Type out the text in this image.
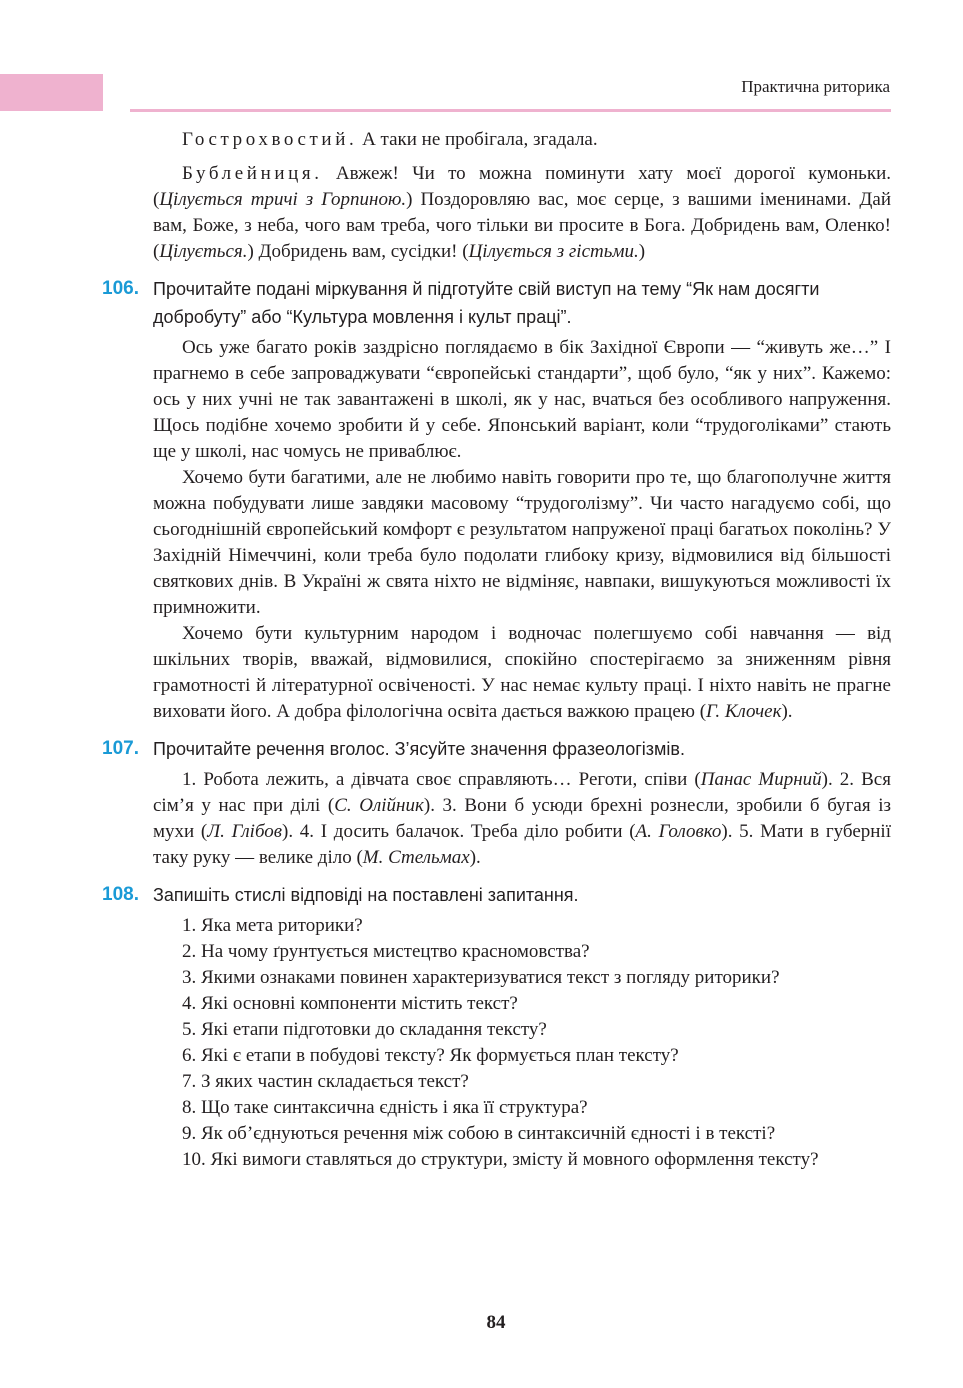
Практична риторика

Гострохвостий. А таки не пробігала, згадала.

Бублейниця. Авжеж! Чи то можна поминути хату моєї дорогої кумоньки. (Цілується тричі з Горпиною.) Поздоровляю вас, моє серце, з вашими іменинами. Дай вам, Боже, з неба, чого вам треба, чого тільки ви просите в Бога. Добридень вам, Оленко! (Цілується.) Добридень вам, сусідки! (Цілується з гістьми.)

106. Прочитайте подані міркування й підготуйте свій виступ на тему “Як нам досягти добробуту” або “Культура мовлення і культ праці”.

Ось уже багато років заздрісно поглядаємо в бік Західної Європи — “живуть же…” І прагнемо в себе запроваджувати “європейські стандарти”, щоб було, “як у них”. Кажемо: ось у них учні не так завантажені в школі, як у нас, вчаться без особливого напруження. Щось подібне хочемо зробити й у себе. Японський варіант, коли “трудоголіками” стають ще у школі, нас чомусь не приваблює.

Хочемо бути багатими, але не любимо навіть говорити про те, що благополучне життя можна побудувати лише завдяки масовому “трудоголізму”. Чи часто нагадуємо собі, що сьогоднішній європейський комфорт є результатом напруженої праці багатьох поколінь? У Західній Німеччині, коли треба було подолати глибоку кризу, відмовилися від більшості святкових днів. В Україні ж свята ніхто не відміняє, навпаки, вишукуються можливості їх примножити.

Хочемо бути культурним народом і водночас полегшуємо собі навчання — від шкільних творів, вважай, відмовилися, спокійно спостерігаємо за зниженням рівня грамотності й літературної освіченості. У нас немає культу праці. І ніхто навіть не прагне виховати його. А добра філологічна освіта дається важкою працею (Г. Клочек).

107. Прочитайте речення вголос. З’ясуйте значення фразеологізмів.

1. Робота лежить, а дівчата своє справляють… Реготи, співи (Панас Мирний). 2. Вся сім’я у нас при ділі (С. Олійник). 3. Вони б усюди брехні рознесли, зробили б бугая із мухи (Л. Глібов). 4. І досить балачок. Треба діло робити (А. Головко). 5. Мати в губернії таку руку — велике діло (М. Стельмах).

108. Запишіть стислі відповіді на поставлені запитання.

1. Яка мета риторики?

2. На чому ґрунтується мистецтво красномовства?

3. Якими ознаками повинен характеризуватися текст з погляду риторики?

4. Які основні компоненти містить текст?

5. Які етапи підготовки до складання тексту?

6. Які є етапи в побудові тексту? Як формується план тексту?

7. З яких частин складається текст?

8. Що таке синтаксична єдність і яка її структура?

9. Як об’єднуються речення між собою в синтаксичній єдності і в тексті?

10. Які вимоги ставляться до структури, змісту й мовного оформлення тексту?

84
